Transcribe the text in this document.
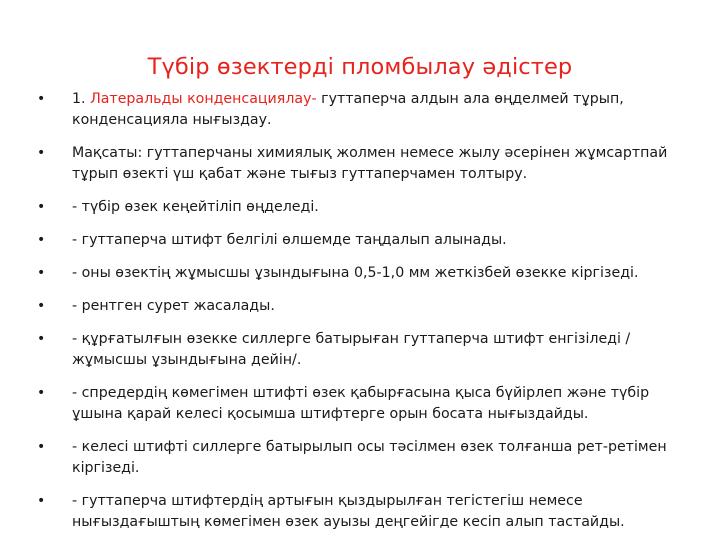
Түбір өзектерді пломбылау әдістер
• 1. Латеральды конденсациялау- гуттаперча алдын ала өңделмей тұрып, конденсацияла нығыздау.
• Мақсаты: гуттаперчаны химиялық жолмен немесе жылу әсерінен жұмсартпай тұрып өзекті үш қабат және тығыз гуттаперчамен толтыру.
• - түбір өзек кеңейтіліп өңделеді.
• - гуттаперча штифт белгілі өлшемде таңдалып алынады.
• - оны өзектің жұмысшы ұзындығына 0,5-1,0 мм жеткізбей өзекке кіргізеді.
• - рентген сурет жасалады.
• - құрғатылғын өзекке силлерге батырыған гуттаперча штифт енгізіледі /жұмысшы ұзындығына дейін/.
• - спредердің көмегімен штифті өзек қабырғасына қыса бүйірлеп және түбір ұшына қарай келесі қосымша штифтерге орын босата нығыздайды.
• - келесі штифті силлерге батырылып осы тәсілмен өзек толғанша рет-ретімен кіргізеді.
• - гуттаперча штифтердің артығын қыздырылған тегістегіш немесе нығыздағыштың көмегімен өзек ауызы деңгейігде кесіп алып тастайды.
